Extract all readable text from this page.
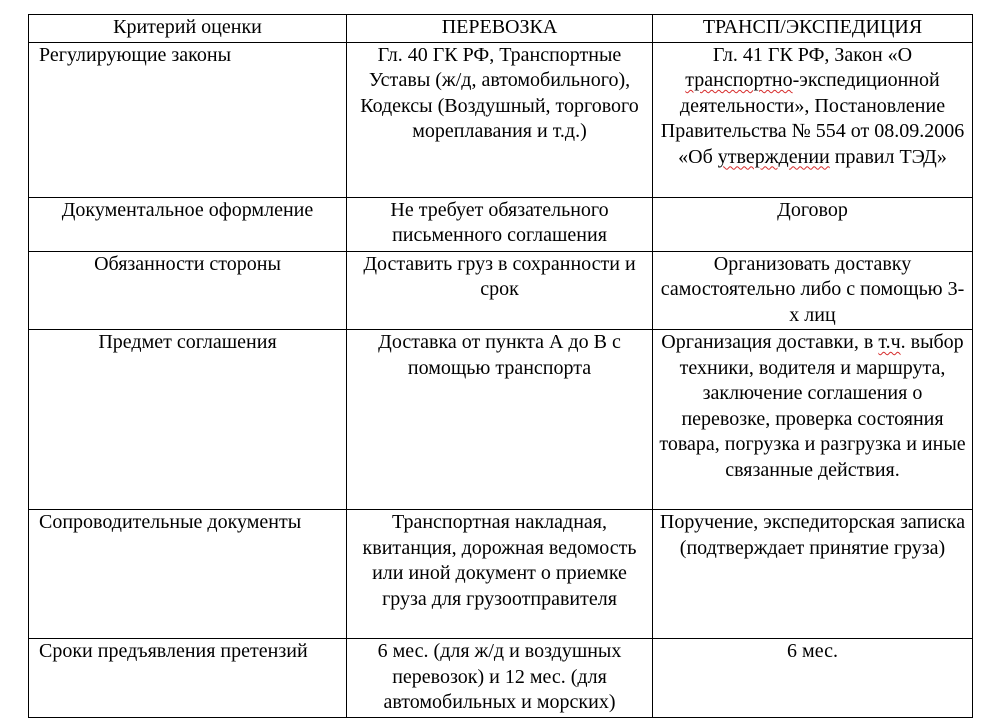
Критерий оценки	ПЕРЕВОЗКА	ТРАНСП/ЭКСПЕДИЦИЯ
Регулирующие законы	Гл. 40 ГК РФ, Транспортные Уставы (ж/д, автомобильного), Кодексы (Воздушный, торгового мореплавания и т.д.)	Гл. 41 ГК РФ, Закон «О транспортно-экспедиционной деятельности», Постановление Правительства № 554 от 08.09.2006 «Об утверждении правил ТЭД»
Документальное оформление	Не требует обязательного письменного соглашения	Договор
Обязанности стороны	Доставить груз в сохранности и срок	Организовать доставку самостоятельно либо с помощью 3-х лиц
Предмет соглашения	Доставка от пункта А до В с помощью транспорта	Организация доставки, в т.ч. выбор техники, водителя и маршрута, заключение соглашения о перевозке, проверка состояния товара, погрузка и разгрузка и иные связанные действия.
Сопроводительные документы	Транспортная накладная, квитанция, дорожная ведомость или иной документ о приемке груза для грузоотправителя	Поручение, экспедиторская записка (подтверждает принятие груза)
Сроки предъявления претензий	6 мес. (для ж/д и воздушных перевозок) и 12 мес. (для автомобильных и морских)	6 мес.
